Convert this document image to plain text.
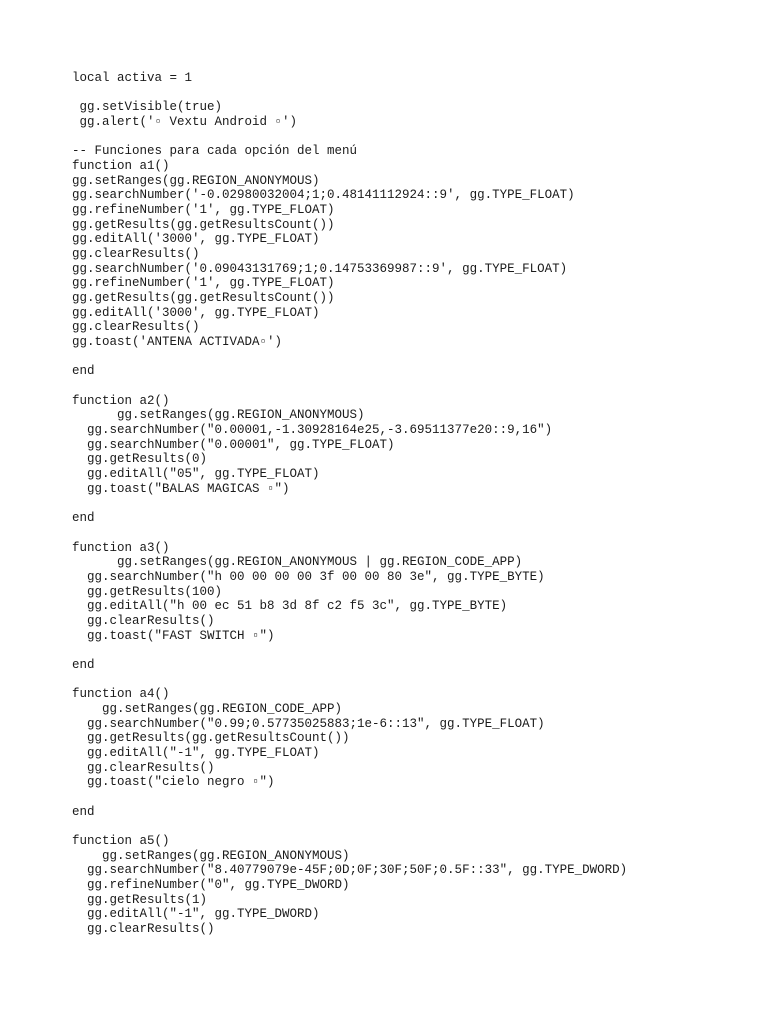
local activa = 1
gg.setVisible(true)
gg.alert('▫ Vextu Android ▫')
-- Funciones para cada opción del menú
function a1()
gg.setRanges(gg.REGION_ANONYMOUS)
gg.searchNumber('-0.02980032004;1;0.48141112924::9', gg.TYPE_FLOAT)
gg.refineNumber('1', gg.TYPE_FLOAT)
gg.getResults(gg.getResultsCount())
gg.editAll('3000', gg.TYPE_FLOAT)
gg.clearResults()
gg.searchNumber('0.09043131769;1;0.14753369987::9', gg.TYPE_FLOAT)
gg.refineNumber('1', gg.TYPE_FLOAT)
gg.getResults(gg.getResultsCount())
gg.editAll('3000', gg.TYPE_FLOAT)
gg.clearResults()
gg.toast('ANTENA ACTIVADA▫')
end
function a2()
gg.setRanges(gg.REGION_ANONYMOUS)
gg.searchNumber("0.00001,-1.30928164e25,-3.69511377e20::9,16")
gg.searchNumber("0.00001", gg.TYPE_FLOAT)
gg.getResults(0)
gg.editAll("05", gg.TYPE_FLOAT)
gg.toast("BALAS MAGICAS ▫")
end
function a3()
gg.setRanges(gg.REGION_ANONYMOUS | gg.REGION_CODE_APP)
gg.searchNumber("h 00 00 00 00 3f 00 00 80 3e", gg.TYPE_BYTE)
gg.getResults(100)
gg.editAll("h 00 ec 51 b8 3d 8f c2 f5 3c", gg.TYPE_BYTE)
gg.clearResults()
gg.toast("FAST SWITCH ▫")
end
function a4()
gg.setRanges(gg.REGION_CODE_APP)
gg.searchNumber("0.99;0.57735025883;1e-6::13", gg.TYPE_FLOAT)
gg.getResults(gg.getResultsCount())
gg.editAll("-1", gg.TYPE_FLOAT)
gg.clearResults()
gg.toast("cielo negro ▫")
end
function a5()
gg.setRanges(gg.REGION_ANONYMOUS)
gg.searchNumber("8.40779079e-45F;0D;0F;30F;50F;0.5F::33", gg.TYPE_DWORD)
gg.refineNumber("0", gg.TYPE_DWORD)
gg.getResults(1)
gg.editAll("-1", gg.TYPE_DWORD)
gg.clearResults()
